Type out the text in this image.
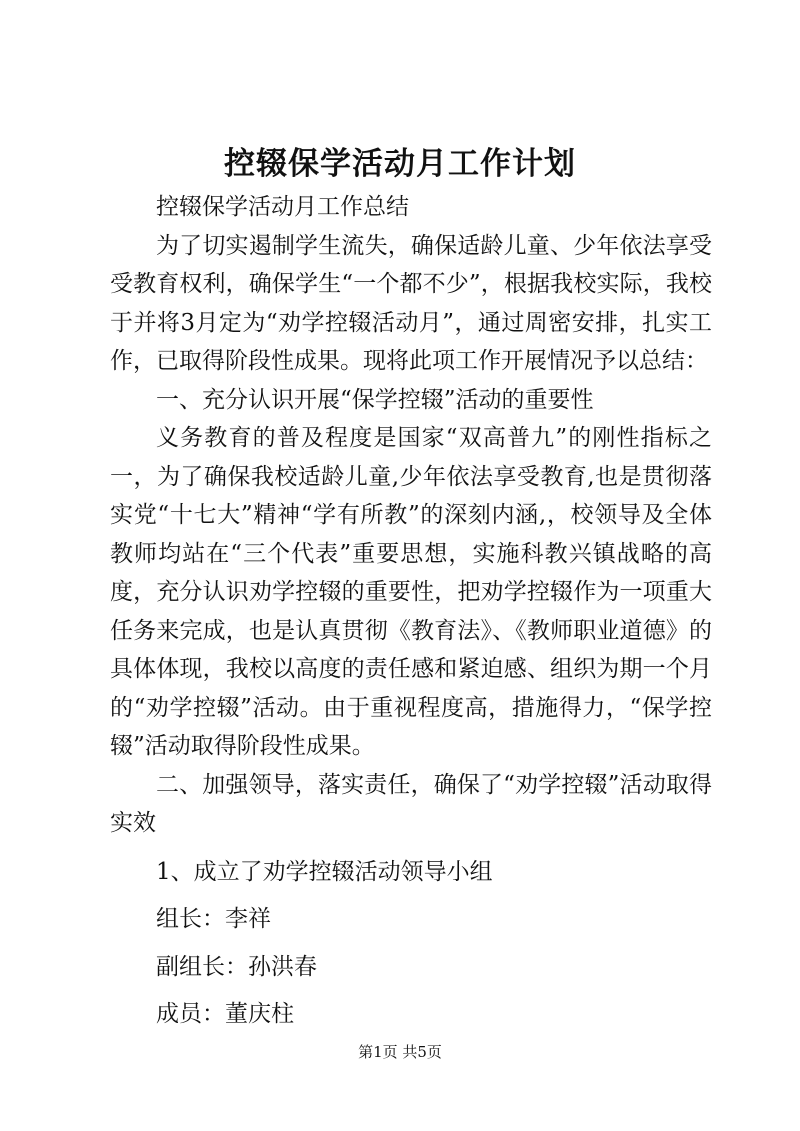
控辍保学活动月工作计划

控辍保学活动月工作总结

为了切实遏制学生流失，确保适龄儿童、少年依法享受受教育权利，确保学生“一个都不少”，根据我校实际，我校于并将3月定为“劝学控辍活动月”，通过周密安排，扎实工作，已取得阶段性成果。现将此项工作开展情况予以总结：

一、充分认识开展“保学控辍”活动的重要性

义务教育的普及程度是国家“双高普九”的刚性指标之一，为了确保我校适龄儿童,少年依法享受教育,也是贯彻落实党“十七大”精神“学有所教”的深刻内涵,，校领导及全体教师均站在“三个代表”重要思想，实施科教兴镇战略的高度，充分认识劝学控辍的重要性，把劝学控辍作为一项重大任务来完成，也是认真贯彻《教育法》、《教师职业道德》的具体体现，我校以高度的责任感和紧迫感、组织为期一个月的“劝学控辍”活动。由于重视程度高，措施得力，“保学控辍”活动取得阶段性成果。

二、加强领导，落实责任，确保了“劝学控辍”活动取得实效

1、成立了劝学控辍活动领导小组

组长：李祥

副组长：孙洪春

成员：董庆柱

第1页 共5页
